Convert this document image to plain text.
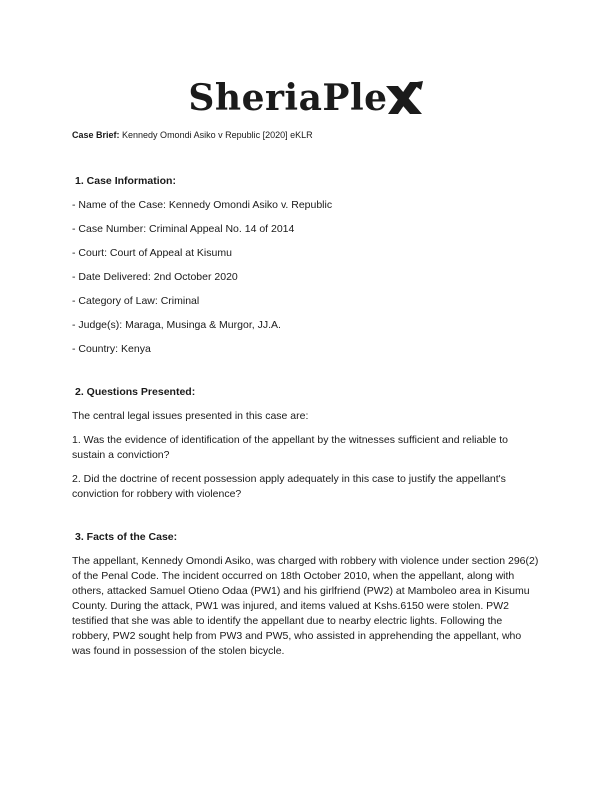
SheriaPle

Case Brief: Kennedy Omondi Asiko v Republic [2020] eKLR

1. Case Information:

- Name of the Case: Kennedy Omondi Asiko v. Republic

- Case Number: Criminal Appeal No. 14 of 2014

- Court: Court of Appeal at Kisumu

- Date Delivered: 2nd October 2020

- Category of Law: Criminal

- Judge(s): Maraga, Musinga & Murgor, JJ.A.

- Country: Kenya

2. Questions Presented:

The central legal issues presented in this case are:

1. Was the evidence of identification of the appellant by the witnesses sufficient and reliable to sustain a conviction?

2. Did the doctrine of recent possession apply adequately in this case to justify the appellant's conviction for robbery with violence?

3. Facts of the Case:

The appellant, Kennedy Omondi Asiko, was charged with robbery with violence under section 296(2) of the Penal Code. The incident occurred on 18th October 2010, when the appellant, along with others, attacked Samuel Otieno Odaa (PW1) and his girlfriend (PW2) at Mamboleo area in Kisumu County. During the attack, PW1 was injured, and items valued at Kshs.6150 were stolen. PW2 testified that she was able to identify the appellant due to nearby electric lights. Following the robbery, PW2 sought help from PW3 and PW5, who assisted in apprehending the appellant, who was found in possession of the stolen bicycle.
